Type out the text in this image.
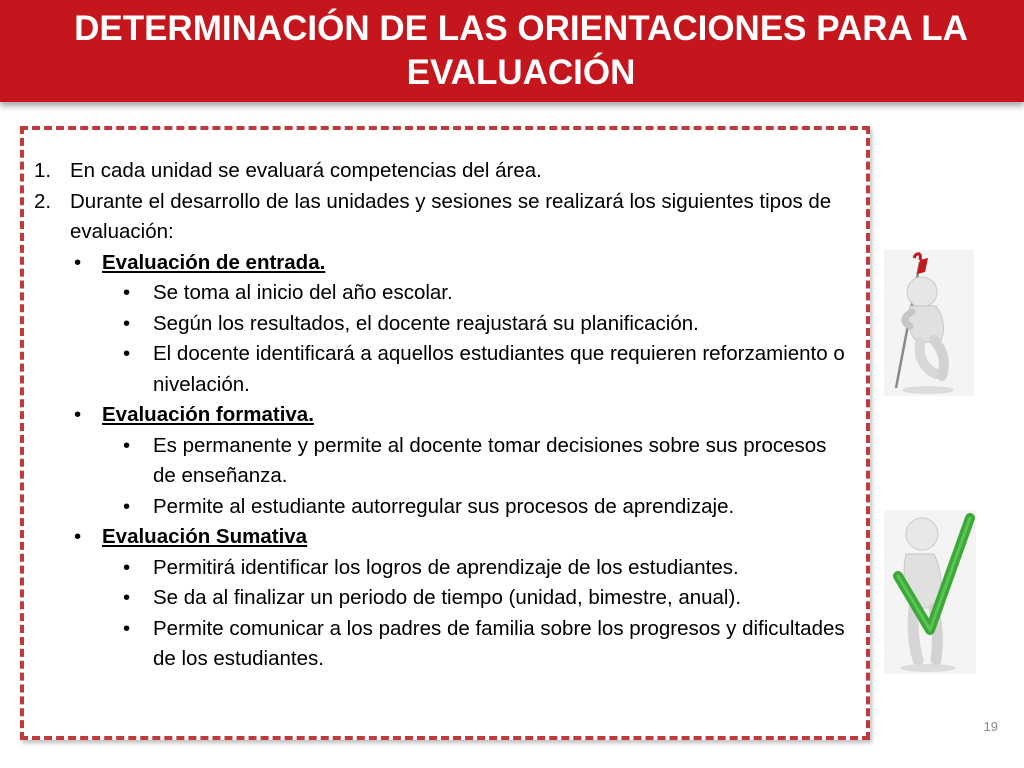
DETERMINACIÓN DE LAS ORIENTACIONES PARA LA EVALUACIÓN
1. En cada unidad se evaluará competencias del área.
2. Durante el desarrollo de las unidades y sesiones se realizará los siguientes tipos de evaluación:
• Evaluación de entrada.
• Se toma al inicio del año escolar.
• Según los resultados, el docente reajustará su planificación.
• El docente identificará a aquellos estudiantes que requieren reforzamiento o nivelación.
• Evaluación formativa.
• Es permanente y permite al docente tomar decisiones sobre sus procesos de enseñanza.
• Permite al estudiante autorregular sus procesos de aprendizaje.
• Evaluación Sumativa
• Permitirá identificar los logros de aprendizaje de los estudiantes.
• Se da al finalizar un periodo de tiempo (unidad, bimestre, anual).
• Permite comunicar a los padres de familia sobre los progresos y dificultades de los estudiantes.
19
